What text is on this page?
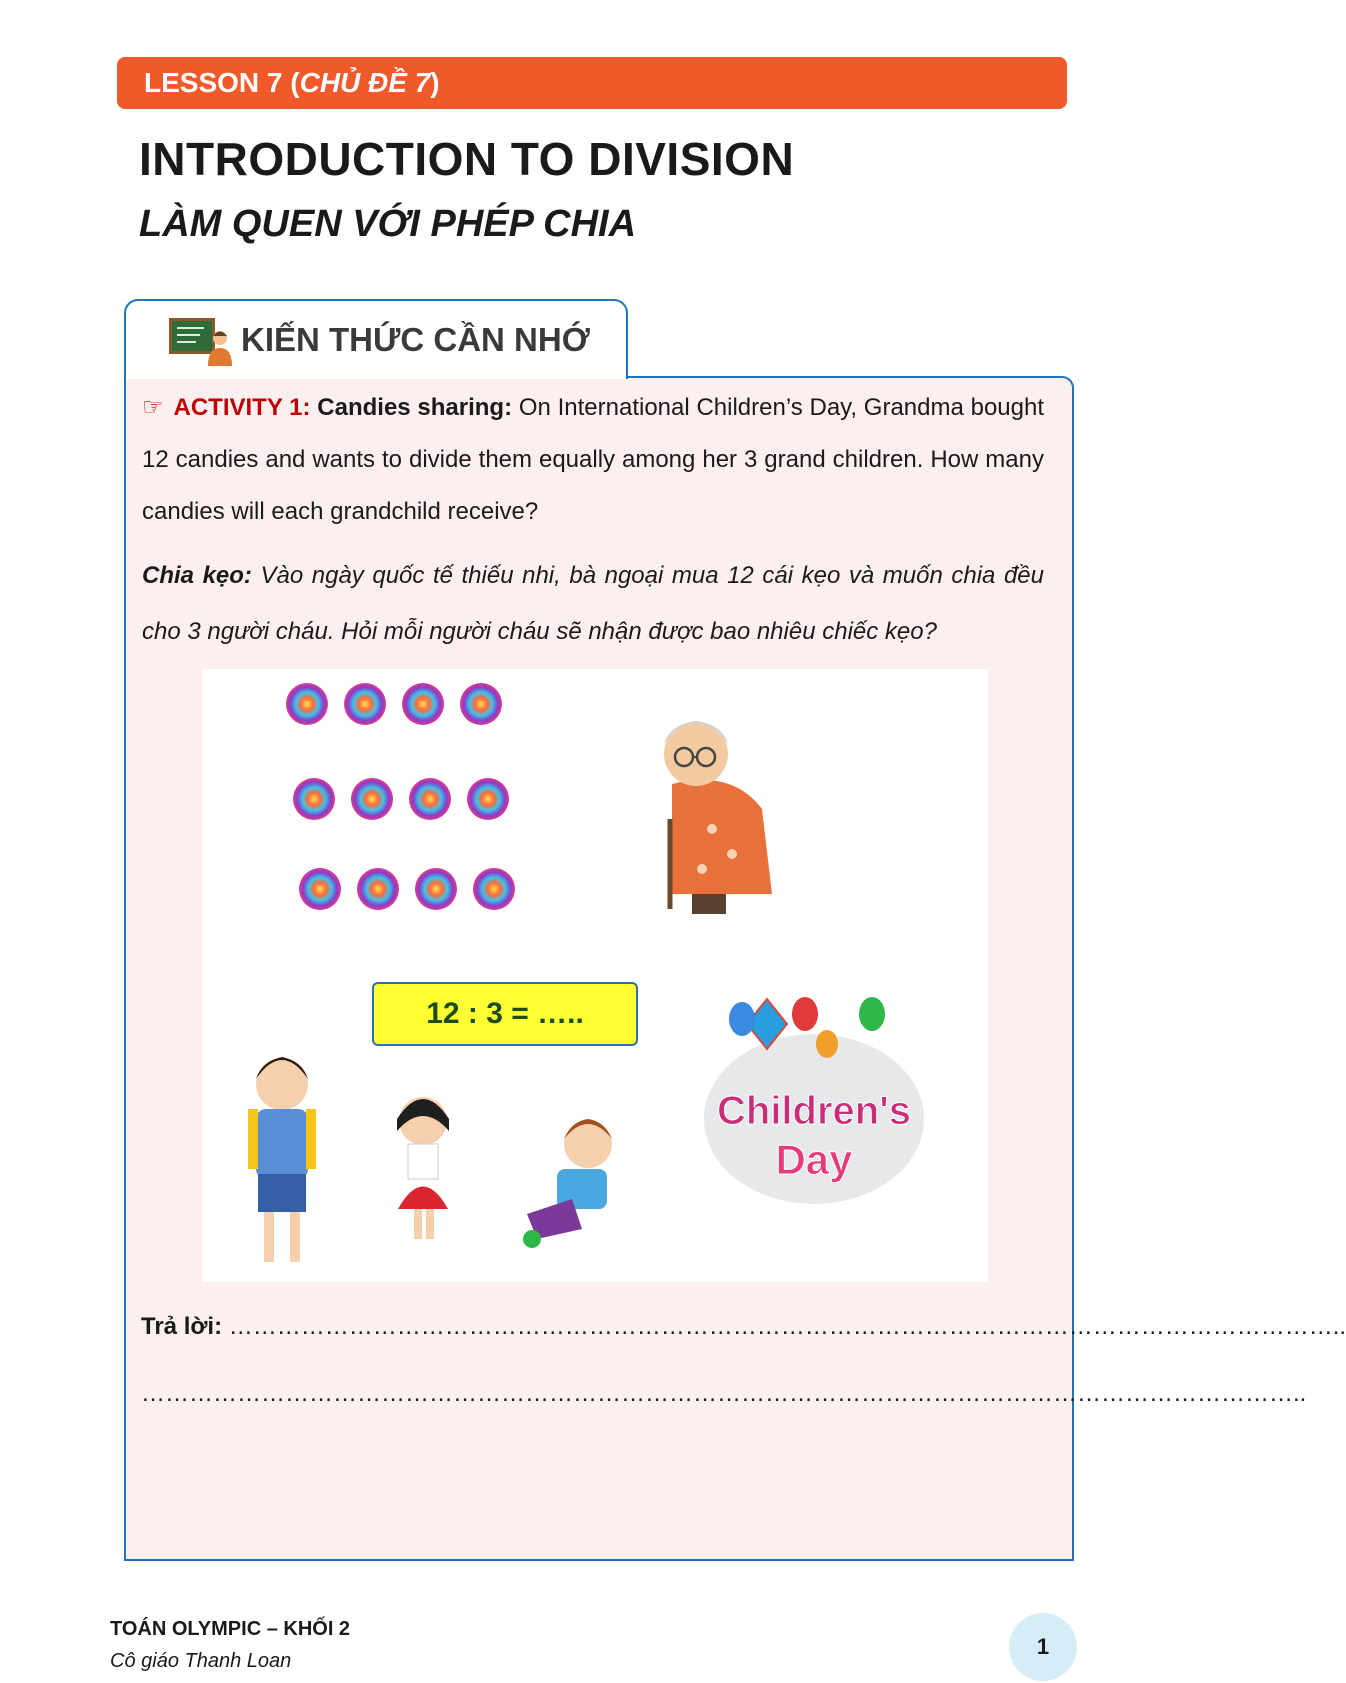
LESSON 7 (CHỦ ĐỀ 7)
INTRODUCTION TO DIVISION
LÀM QUEN VỚI PHÉP CHIA
KIẾN THỨC CẦN NHỚ

☞ ACTIVITY 1: Candies sharing: On International Children’s Day, Grandma bought 12 candies and wants to divide them equally among her 3 grand children. How many candies will each grandchild receive?

Chia kẹo: Vào ngày quốc tế thiếu nhi, bà ngoại mua 12 cái kẹo và muốn chia đều cho 3 người cháu. Hỏi mỗi người cháu sẽ nhận được bao nhiêu chiếc kẹo?

Children's
Day
12 : 3 = …..
Trả lời: …………………………………………………………………………………………………………………………..
………………………………………………………………………………………………………………………………..
TOÁN OLYMPIC – KHỐI 2
Cô giáo Thanh Loan
1
